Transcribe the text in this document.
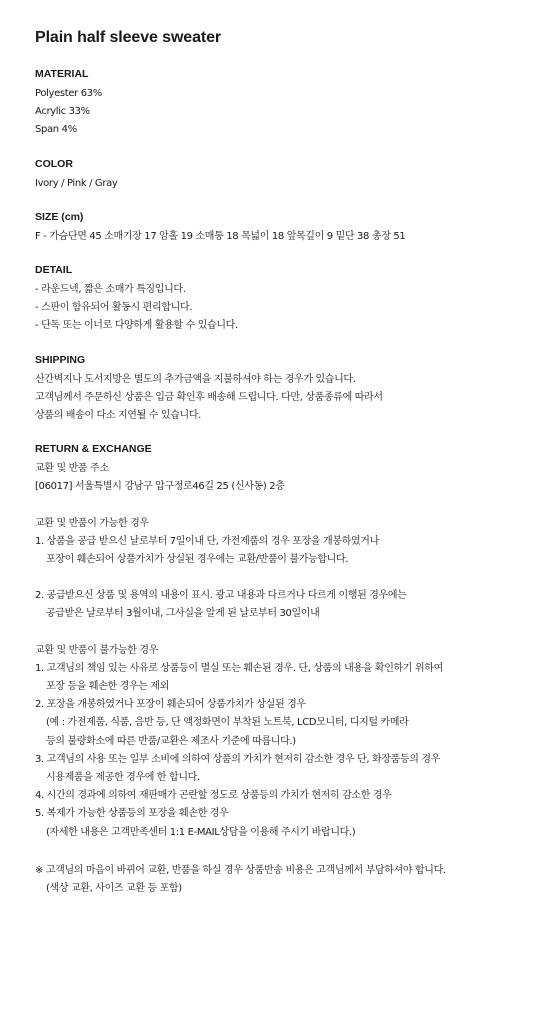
Plain half sleeve sweater
MATERIAL
Polyester 63%
Acrylic 33%
Span 4%
COLOR
Ivory / Pink / Gray
SIZE (cm)
F - 가슴단면 45 소매기장 17 암홀 19 소매통 18 목넓이 18 앞목깊이 9 밑단 38 총장 51
DETAIL
- 라운드넥, 짧은 소매가 특징입니다.
- 스판이 함유되어 활동시 편리합니다.
- 단독 또는 이너로 다양하게 활용할 수 있습니다.
SHIPPING
산간벽지나 도서지방은 별도의 추가금액을 지불하셔야 하는 경우가 있습니다.
고객님께서 주문하신 상품은 입금 확인후 배송해 드립니다. 다만, 상품종류에 따라서
상품의 배송이 다소 지연될 수 있습니다.
RETURN & EXCHANGE
교환 및 반품 주소
[06017] 서울특별시 강남구 압구정로46길 25 (신사동) 2층
교환 및 반품이 가능한 경우
1. 상품을 공급 받으신 날로부터 7일이내 단, 가전제품의 경우 포장을 개봉하였거나
포장이 훼손되어 상품가치가 상실된 경우에는 교환/반품이 불가능합니다.
2. 공급받으신 상품 및 용역의 내용이 표시. 광고 내용과 다르거나 다르게 이행된 경우에는
공급받은 날로부터 3월이내, 그사실을 알게 된 날로부터 30일이내
교환 및 반품이 불가능한 경우
1. 고객님의 책임 있는 사유로 상품등이 멸실 또는 훼손된 경우. 단, 상품의 내용을 확인하기 위하여
포장 등을 훼손한 경우는 제외
2. 포장을 개봉하였거나 포장이 훼손되어 상품가치가 상실된 경우
(예 : 가전제품, 식품, 음반 등, 단 액정화면이 부착된 노트북, LCD모니터, 디지털 카메라
등의 불량화소에 따른 반품/교환은 제조사 기준에 따릅니다.)
3. 고객님의 사용 또는 일부 소비에 의하여 상품의 가치가 현저히 감소한 경우 단, 화장품등의 경우
시용제품을 제공한 경우에 한 합니다.
4. 시간의 경과에 의하여 재판매가 곤란할 정도로 상품등의 가치가 현저히 감소한 경우
5. 복제가 가능한 상품등의 포장을 훼손한 경우
(자세한 내용은 고객만족센터 1:1 E-MAIL상담을 이용해 주시기 바랍니다.)
※ 고객님의 마음이 바뀌어 교환, 반품을 하실 경우 상품반송 비용은 고객님께서 부담하셔야 합니다.
(색상 교환, 사이즈 교환 등 포함)
